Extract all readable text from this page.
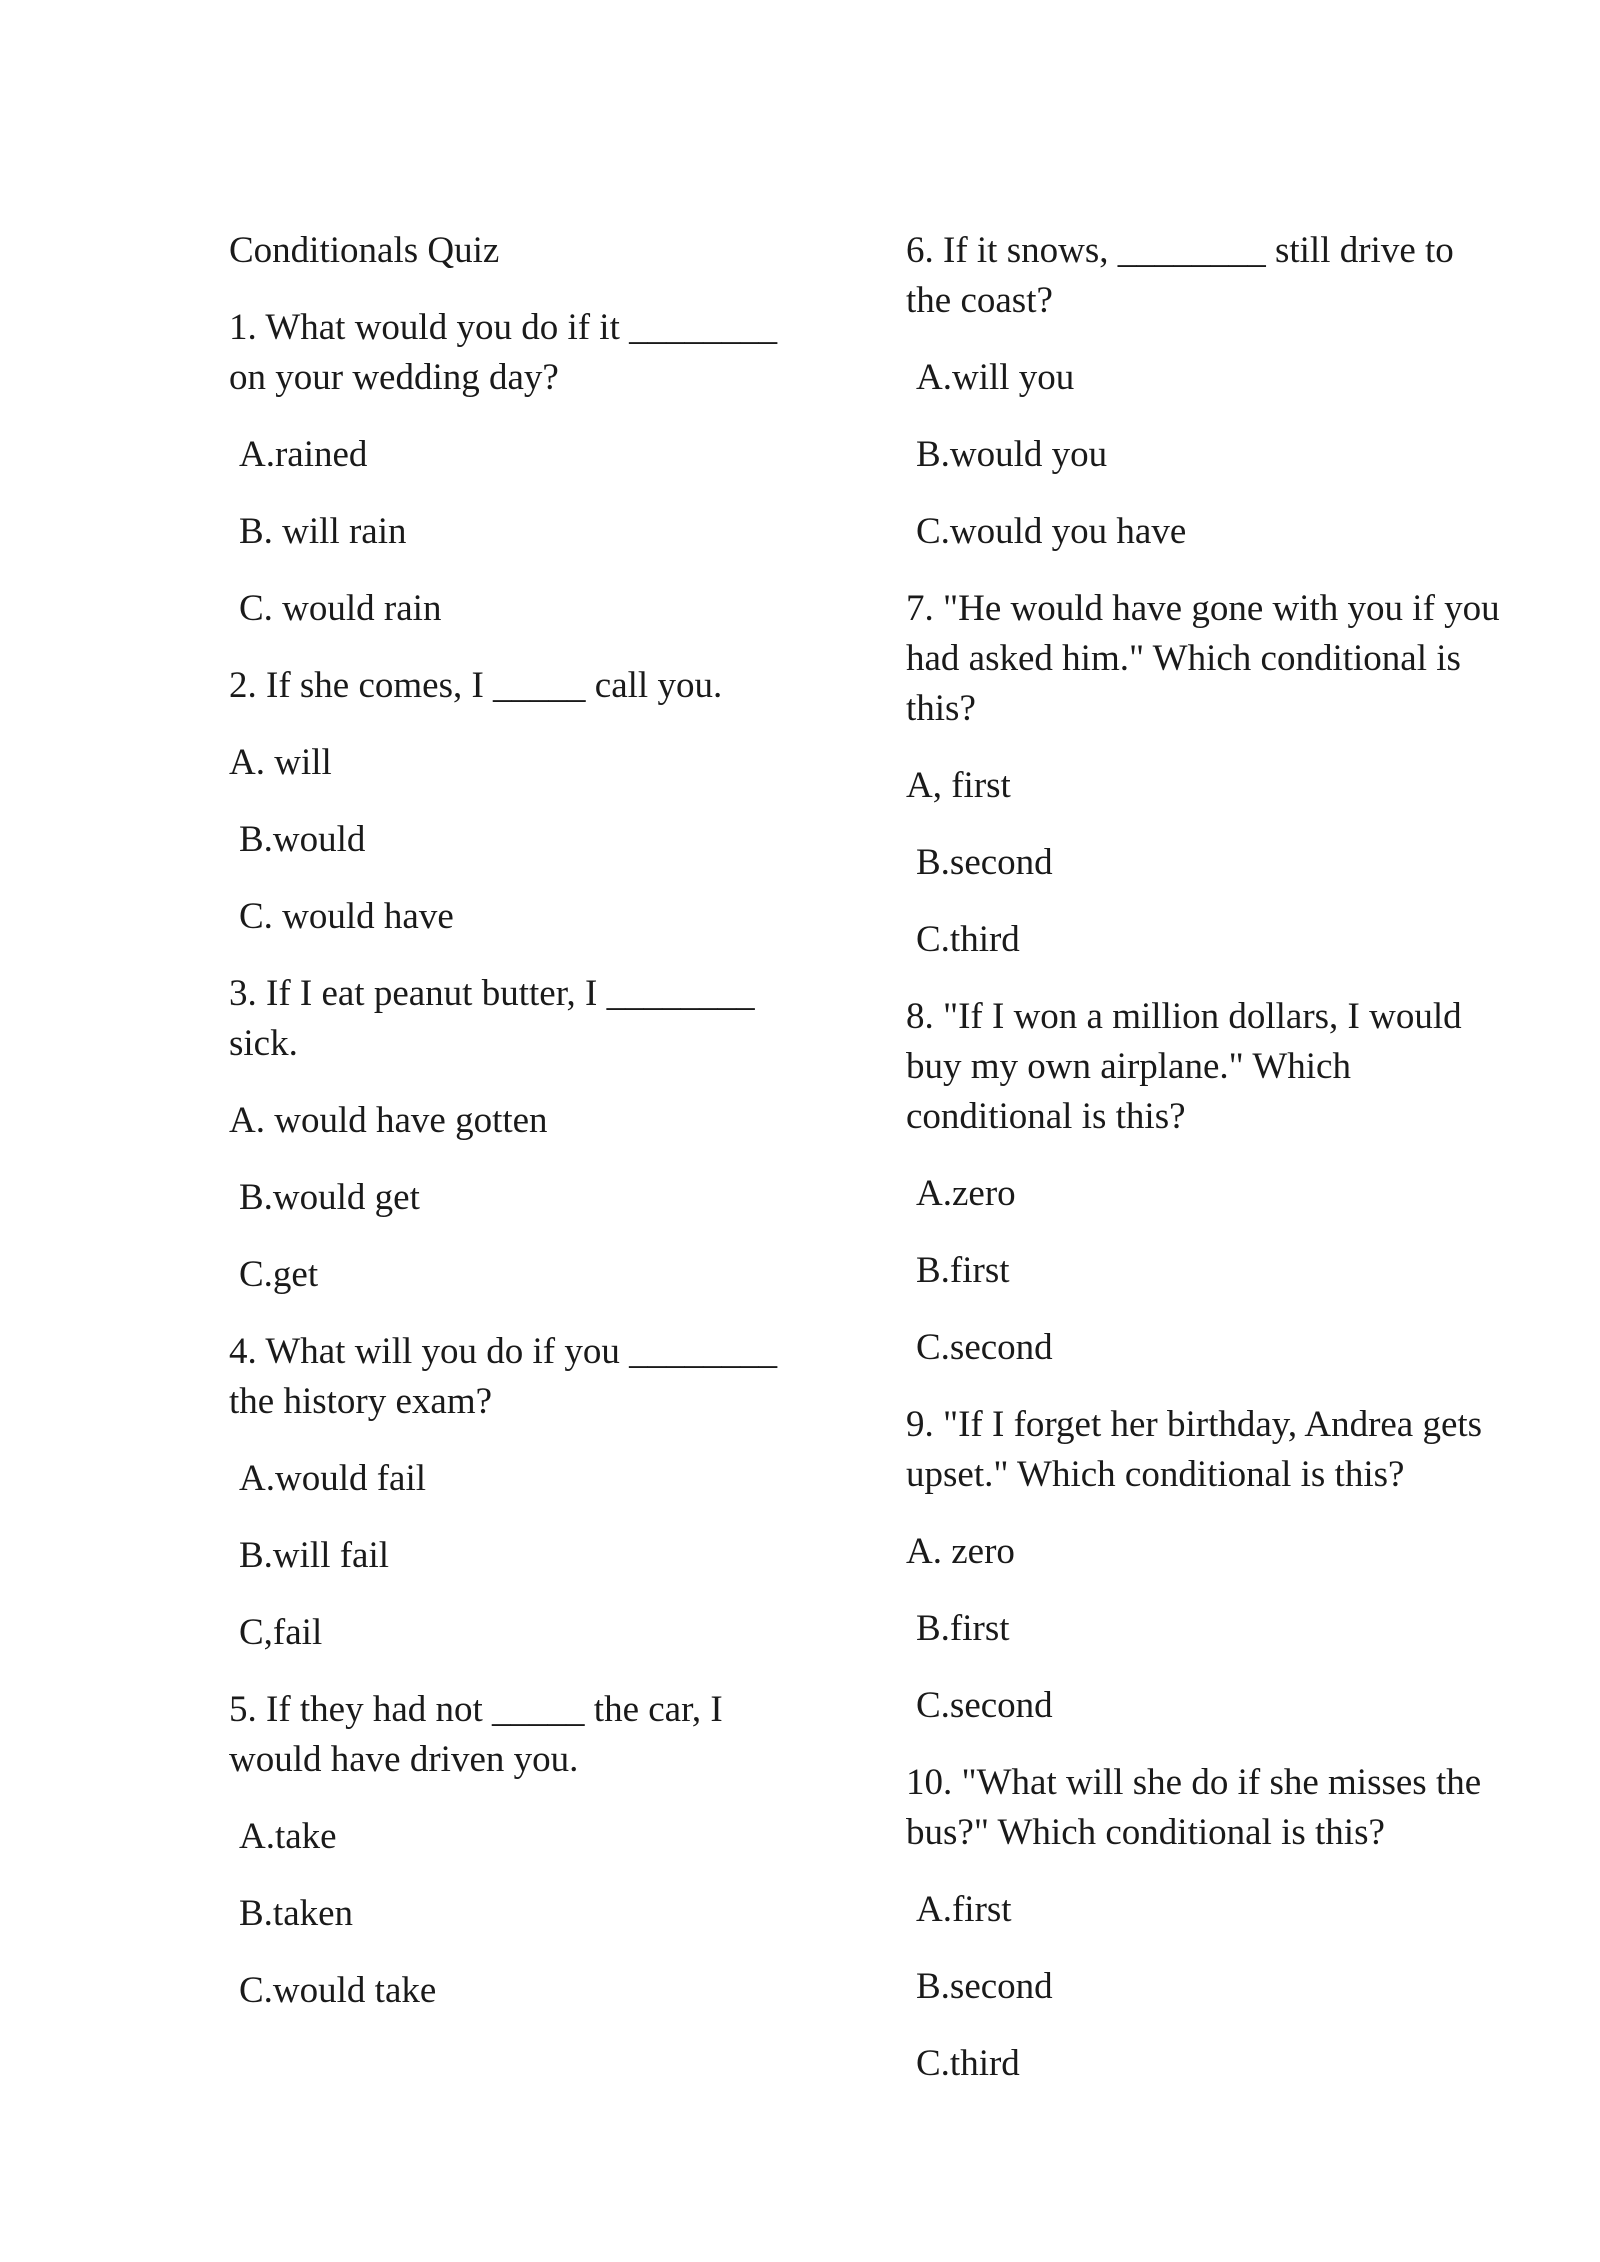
Conditionals Quiz

1. What would you do if it ________ on your wedding day?

A.rained

B. will rain

C. would rain

2. If she comes, I _____ call you.

A. will

B.would

C. would have

3. If I eat peanut butter, I ________ sick.

A. would have gotten

B.would get

C.get

4. What will you do if you ________ the history exam?

A.would fail

B.will fail

C,fail

5. If they had not _____ the car, I would have driven you.

A.take

B.taken

C.would take

6. If it snows, ________ still drive to the coast?

A.will you

B.would you

C.would you have

7. "He would have gone with you if you had asked him." Which conditional is this?

A, first

B.second

C.third

8. "If I won a million dollars, I would buy my own airplane." Which conditional is this?

A.zero

B.first

C.second

9. "If I forget her birthday, Andrea gets upset." Which conditional is this?

A. zero

B.first

C.second

10. "What will she do if she misses the bus?" Which conditional is this?

A.first

B.second

C.third
